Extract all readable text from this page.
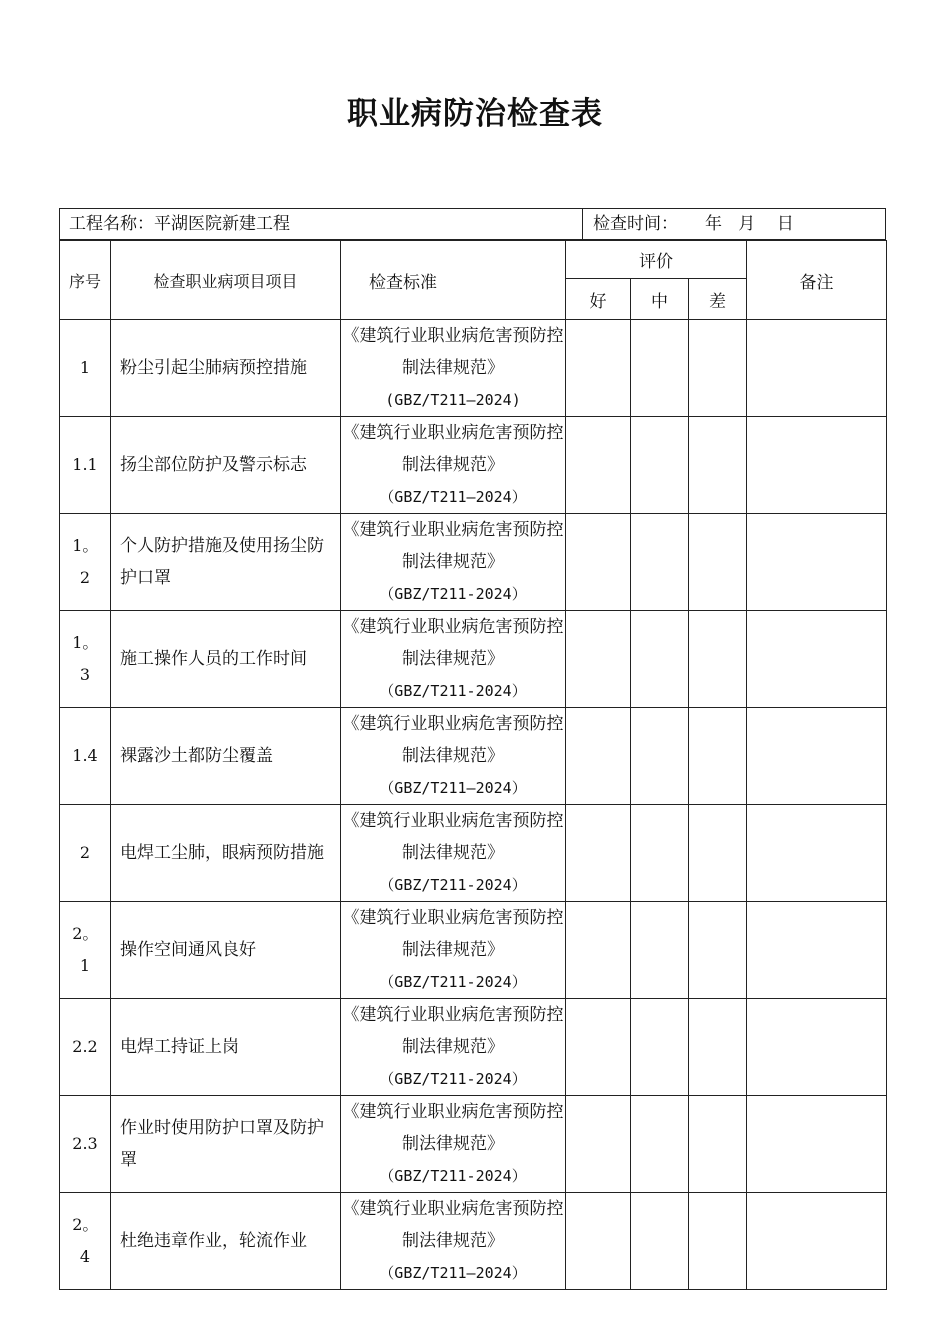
职业病防治检查表
工程名称：平湖医院新建工程	检查时间：     年   月    日
序号	检查职业病项目项目	检查标准	评价			备注
			好	中	差	
1	粉尘引起尘肺病预控措施	《建筑行业职业病危害预防控制法律规范》
(GBZ/T211—2024)				

1.1	扬尘部位防护及警示标志	《建筑行业职业病危害预防控制法律规范》
（GBZ/T211—2024）				

1。2	个人防护措施及使用扬尘防护口罩	《建筑行业职业病危害预防控制法律规范》
（GBZ/T211-2024）				

1。3	施工操作人员的工作时间	《建筑行业职业病危害预防控制法律规范》
（GBZ/T211-2024）				

1.4	裸露沙土都防尘覆盖	《建筑行业职业病危害预防控制法律规范》
（GBZ/T211—2024）				

2	电焊工尘肺，眼病预防措施	《建筑行业职业病危害预防控制法律规范》
（GBZ/T211-2024）				

2。1	操作空间通风良好	《建筑行业职业病危害预防控制法律规范》
（GBZ/T211-2024）				

2.2	电焊工持证上岗	《建筑行业职业病危害预防控制法律规范》
（GBZ/T211-2024）				

2.3	作业时使用防护口罩及防护罩	《建筑行业职业病危害预防控制法律规范》
（GBZ/T211-2024）				

2。4	杜绝违章作业，轮流作业	《建筑行业职业病危害预防控制法律规范》
（GBZ/T211—2024）				
